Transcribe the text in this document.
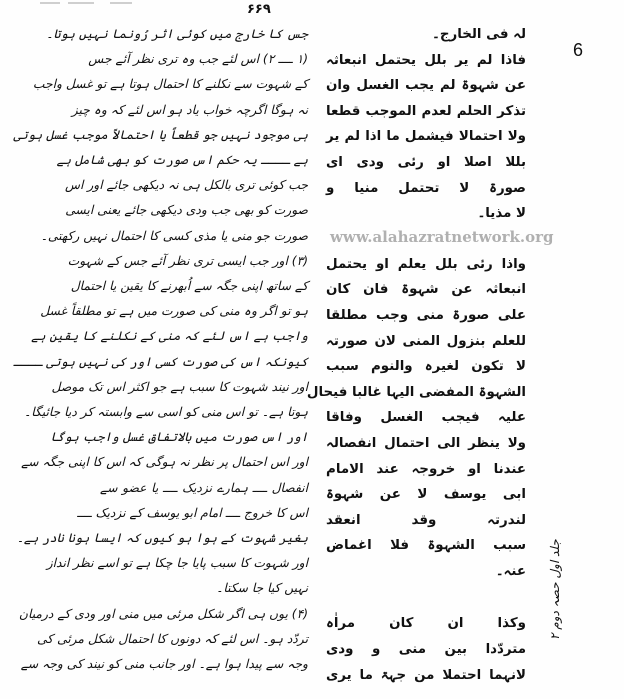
۶۶۹
6
جس کا خارج میں کوئی اثر رُونما نہیں ہوتا۔
(۱ ــــ ۲) اس لئے جب وہ تری نظر آئے جس
کے شہوت سے نکلنے کا احتمال ہوتا ہے تو غسل واجب
نہ ہوگا اگرچہ خواب یاد ہو اس لئے کہ وہ چیز
ہی موجود نہیں جو قطعاً یا احتمالاً موجب غسل ہوتی
ہے ــــ یہ حکم اس صورت کو بھی شامل ہے
جب کوئی تری بالکل ہی نہ دیکھی جائے اور اس
صورت کو بھی جب ودی دیکھی جائے یعنی ایسی
صورت جو منی یا مذی کسی کا احتمال نہیں رکھتی۔
(۳) اور جب ایسی تری نظر آئے جس کے شہوت
کے ساتھ اپنی جگہ سے اُبھرنے کا یقین یا احتمال
ہو تو اگر وہ منی کی صورت میں ہے تو مطلقاً غسل
واجب ہے اس لئے کہ منی کے نکلنے کا یقین ہے
کیونکہ اس کی صورت کسی اور کی نہیں ہوتی ــــ
اور نیند شہوت کا سبب ہے جو اکثر اس تک موصل
ہوتا ہے۔ تو اس منی کو اسی سے وابستہ کر دیا جائیگا۔
اور اس صورت میں بالاتفاق غسل واجب ہوگا
اور اس احتمال پر نظر نہ ہوگی کہ اس کا اپنی جگہ سے
انفصال ــــ ہمارے نزدیک ــــ یا عضو سے
اس کا خروج ــــ امام ابو یوسف کے نزدیک ــــ
بغیر شہوت کے ہوا ہو کیوں کہ ایسا ہونا نادر ہے۔
اور شہوت کا سبب پایا جا چکا ہے تو اسے نظر انداز
نہیں کیا جا سکتا۔
(۴) یوں ہی اگر شکل مرئی میں منی اور ودی کے درمیان
تردّد ہو۔ اس لئے کہ دونوں کا احتمال شکل مرئی کی
وجہ سے پیدا ہوا ہے۔ اور جانب منی کو نیند کی وجہ سے
لہ فی الخارج۔
فاذا لم یر بلل یحتمل انبعاثہ
عن شہوۃ لم یجب الغسل وان
تذکر الحلم لعدم الموجب قطعا
ولا احتمالا فیشمل ما اذا لم یر
بللا اصلا او رئی ودی ای
صورۃ لا تحتمل منیا و
لا مذیا۔
واذا رئی بلل یعلم او یحتمل
انبعاثہ عن شہوۃ فان کان
علی صورۃ منی وجب مطلقا
للعلم بنزول المنی لان صورتہ
لا تکون لغیرہ والنوم سبب
الشہوۃ المفضی الیہا غالبا فیحال
علیہ فیجب الغسل وفاقا
ولا ینظر الی احتمال انفصالہ
عندنا او خروجہ عند الامام
ابی یوسف لا عن شہوۃ
لندرتہ وقد انعقد
سبب الشہوۃ فلا اغماض
عنہ۔
وکذا ان کان مراٰہ
متردّدا بین منی و ودی
لانہما احتملا من جہۃ ما یری
www.alahazratnetwork.org
جلد اول حصہ دوم ۲
